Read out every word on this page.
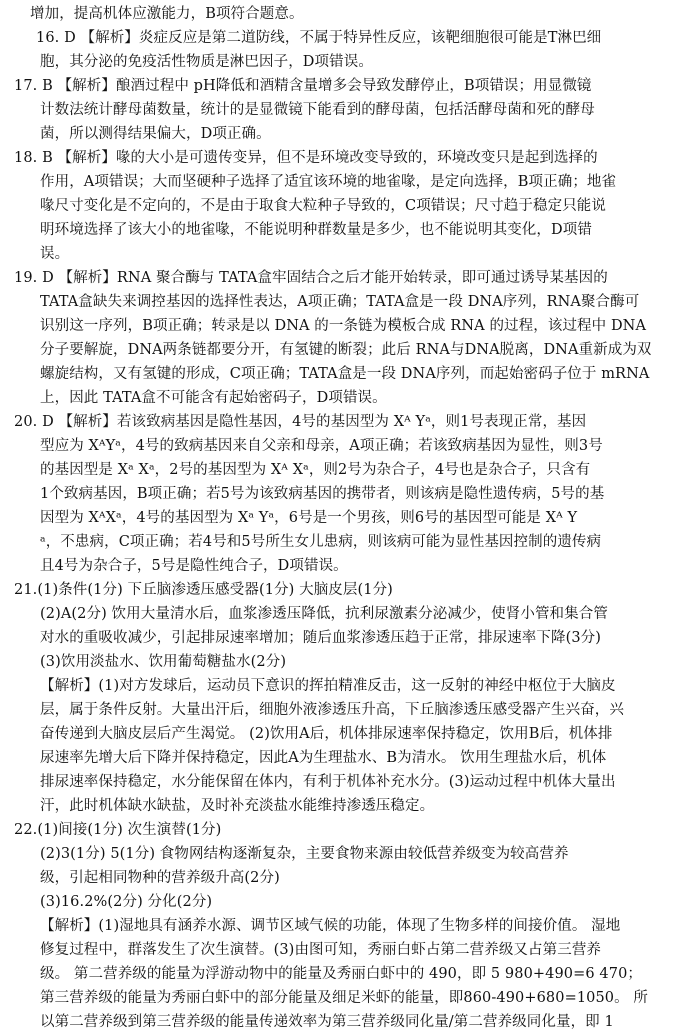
增加，提高机体应激能力，B项符合题意。
16. D 【解析】炎症反应是第二道防线，不属于特异性反应，该靶细胞很可能是T淋巴细
胞，其分泌的免疫活性物质是淋巴因子，D项错误。
17. B 【解析】酿酒过程中 pH降低和酒精含量增多会导致发酵停止，B项错误；用显微镜
计数法统计酵母菌数量，统计的是显微镜下能看到的酵母菌，包括活酵母菌和死的酵母
菌，所以测得结果偏大，D项正确。
18. B 【解析】喙的大小是可遗传变异，但不是环境改变导致的，环境改变只是起到选择的
作用，A项错误；大而坚硬种子选择了适宜该环境的地雀喙，是定向选择，B项正确；地雀
喙尺寸变化是不定向的，不是由于取食大粒种子导致的，C项错误；尺寸趋于稳定只能说
明环境选择了该大小的地雀喙，不能说明种群数量是多少，也不能说明其变化，D项错
误。
19. D 【解析】RNA 聚合酶与 TATA盒牢固结合之后才能开始转录，即可通过诱导某基因的
TATA盒缺失来调控基因的选择性表达，A项正确；TATA盒是一段 DNA序列，RNA聚合酶可
识别这一序列，B项正确；转录是以 DNA 的一条链为模板合成 RNA 的过程，该过程中 DNA
分子要解旋，DNA两条链都要分开，有氢键的断裂；此后 RNA与DNA脱离，DNA重新成为双
螺旋结构，又有氢键的形成，C项正确；TATA盒是一段 DNA序列，而起始密码子位于 mRNA
上，因此 TATA盒不可能含有起始密码子，D项错误。
20. D 【解析】若该致病基因是隐性基因，4号的基因型为 Xᴬ Yᵃ，则1号表现正常，基因
型应为 XᴬYᵃ，4号的致病基因来自父亲和母亲，A项正确；若该致病基因为显性，则3号
的基因型是 Xᵃ Xᵃ，2号的基因型为 Xᴬ Xᵃ，则2号为杂合子，4号也是杂合子，只含有
1个致病基因，B项正确；若5号为该致病基因的携带者，则该病是隐性遗传病，5号的基
因型为 XᴬXᵃ，4号的基因型为 Xᵃ Yᵃ，6号是一个男孩，则6号的基因型可能是 Xᴬ Y
ᵃ，不患病，C项正确；若4号和5号所生女儿患病，则该病可能为显性基因控制的遗传病
且4号为杂合子，5号是隐性纯合子，D项错误。
21.(1)条件(1分) 下丘脑渗透压感受器(1分) 大脑皮层(1分)
(2)A(2分) 饮用大量清水后，血浆渗透压降低，抗利尿激素分泌减少，使肾小管和集合管
对水的重吸收减少，引起排尿速率增加；随后血浆渗透压趋于正常，排尿速率下降(3分)
(3)饮用淡盐水、饮用葡萄糖盐水(2分)
【解析】(1)对方发球后，运动员下意识的挥拍精准反击，这一反射的神经中枢位于大脑皮
层，属于条件反射。大量出汗后，细胞外液渗透压升高，下丘脑渗透压感受器产生兴奋，兴
奋传递到大脑皮层后产生渴觉。 (2)饮用A后，机体排尿速率保持稳定，饮用B后，机体排
尿速率先增大后下降并保持稳定，因此A为生理盐水、B为清水。 饮用生理盐水后，机体
排尿速率保持稳定，水分能保留在体内，有利于机体补充水分。(3)运动过程中机体大量出
汗，此时机体缺水缺盐，及时补充淡盐水能维持渗透压稳定。
22.(1)间接(1分) 次生演替(1分)
(2)3(1分) 5(1分) 食物网结构逐渐复杂，主要食物来源由较低营养级变为较高营养
级，引起相同物种的营养级升高(2分)
(3)16.2%(2分) 分化(2分)
【解析】(1)湿地具有涵养水源、调节区域气候的功能，体现了生物多样的间接价值。 湿地
修复过程中，群落发生了次生演替。(3)由图可知，秀丽白虾占第二营养级又占第三营养
级。 第二营养级的能量为浮游动物中的能量及秀丽白虾中的 490，即 5 980+490=6 470；
第三营养级的能量为秀丽白虾中的部分能量及细足米虾的能量，即860-490+680=1050。 所
以第二营养级到第三营养级的能量传递效率为第三营养级同化量/第二营养级同化量，即 1
